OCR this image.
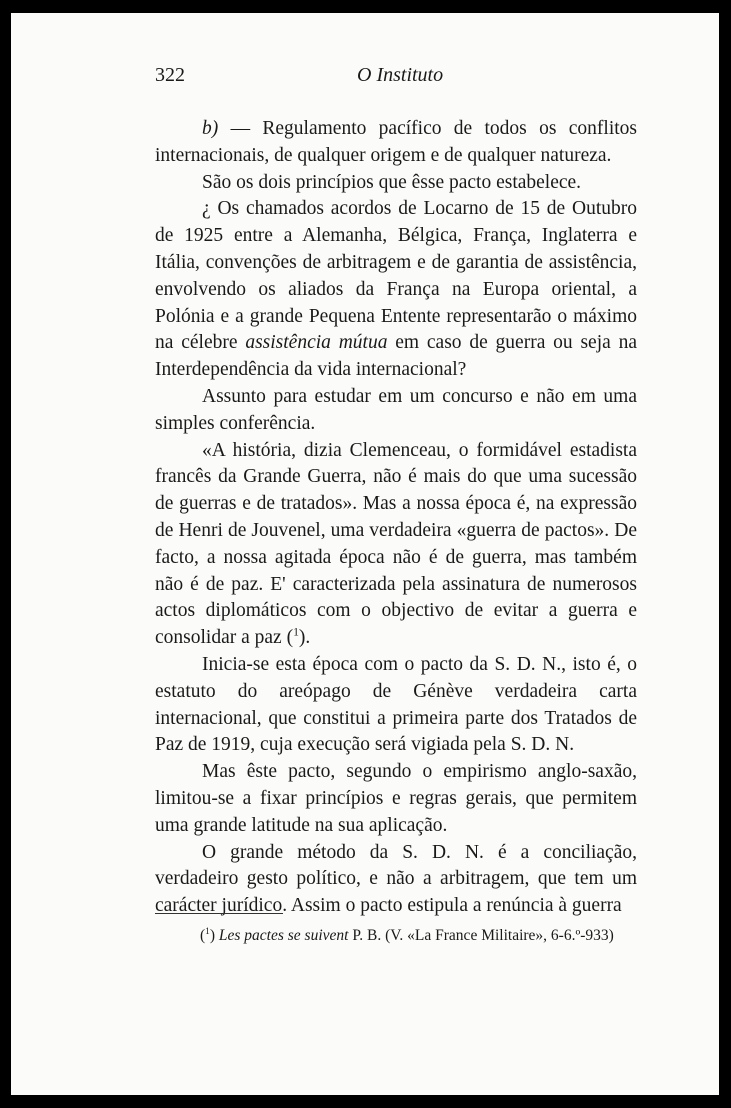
322	O Instituto

b) — Regulamento pacífico de todos os conflitos internacionais, de qualquer origem e de qualquer natureza.

São os dois princípios que êsse pacto estabelece.

¿ Os chamados acordos de Locarno de 15 de Outubro de 1925 entre a Alemanha, Bélgica, França, Inglaterra e Itália, convenções de arbitragem e de garantia de assistência, envolvendo os aliados da França na Europa oriental, a Polónia e a grande Pequena Entente representarão o máximo na célebre assistência mútua em caso de guerra ou seja na Interdependência da vida internacional?

Assunto para estudar em um concurso e não em uma simples conferência.

«A história, dizia Clemenceau, o formidável estadista francês da Grande Guerra, não é mais do que uma sucessão de guerras e de tratados». Mas a nossa época é, na expressão de Henri de Jouvenel, uma verdadeira «guerra de pactos». De facto, a nossa agitada época não é de guerra, mas também não é de paz. E' caracterizada pela assinatura de numerosos actos diplomáticos com o objectivo de evitar a guerra e consolidar a paz ($^1$).

Inicia-se esta época com o pacto da S. D. N., isto é, o estatuto do areópago de Génève verdadeira carta internacional, que constitui a primeira parte dos Tratados de Paz de 1919, cuja execução será vigiada pela S. D. N.

Mas êste pacto, segundo o empirismo anglo-saxão, limitou-se a fixar princípios e regras gerais, que permitem uma grande latitude na sua aplicação.

O grande método da S. D. N. é a conciliação, verdadeiro gesto político, e não a arbitragem, que tem um carácter jurídico. Assim o pacto estipula a renúncia à guerra

($^1$) Les pactes se suivent P. B. (V. «La France Militaire», 6-6.º-933)
